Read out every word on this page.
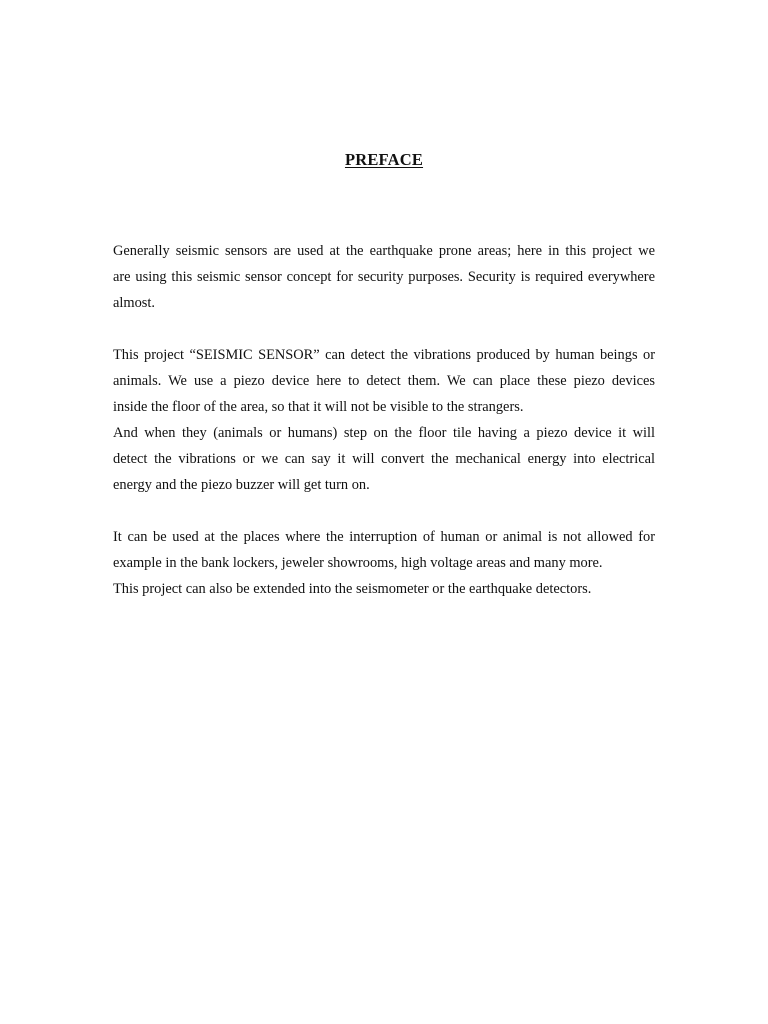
PREFACE

Generally seismic sensors are used at the earthquake prone areas; here in this project we
are using this seismic sensor concept for security purposes. Security is required everywhere
almost.

This project “SEISMIC SENSOR” can detect the vibrations produced by human beings or
animals. We use a piezo device here to detect them. We can place these piezo devices
inside the floor of the area, so that it will not be visible to the strangers.
And when they (animals or humans) step on the floor tile having a piezo device it will
detect the vibrations or we can say it will convert the mechanical energy into electrical
energy and the piezo buzzer will get turn on.

It can be used at the places where the interruption of human or animal is not allowed for
example in the bank lockers, jeweler showrooms, high voltage areas and many more.
This project can also be extended into the seismometer or the earthquake detectors.
